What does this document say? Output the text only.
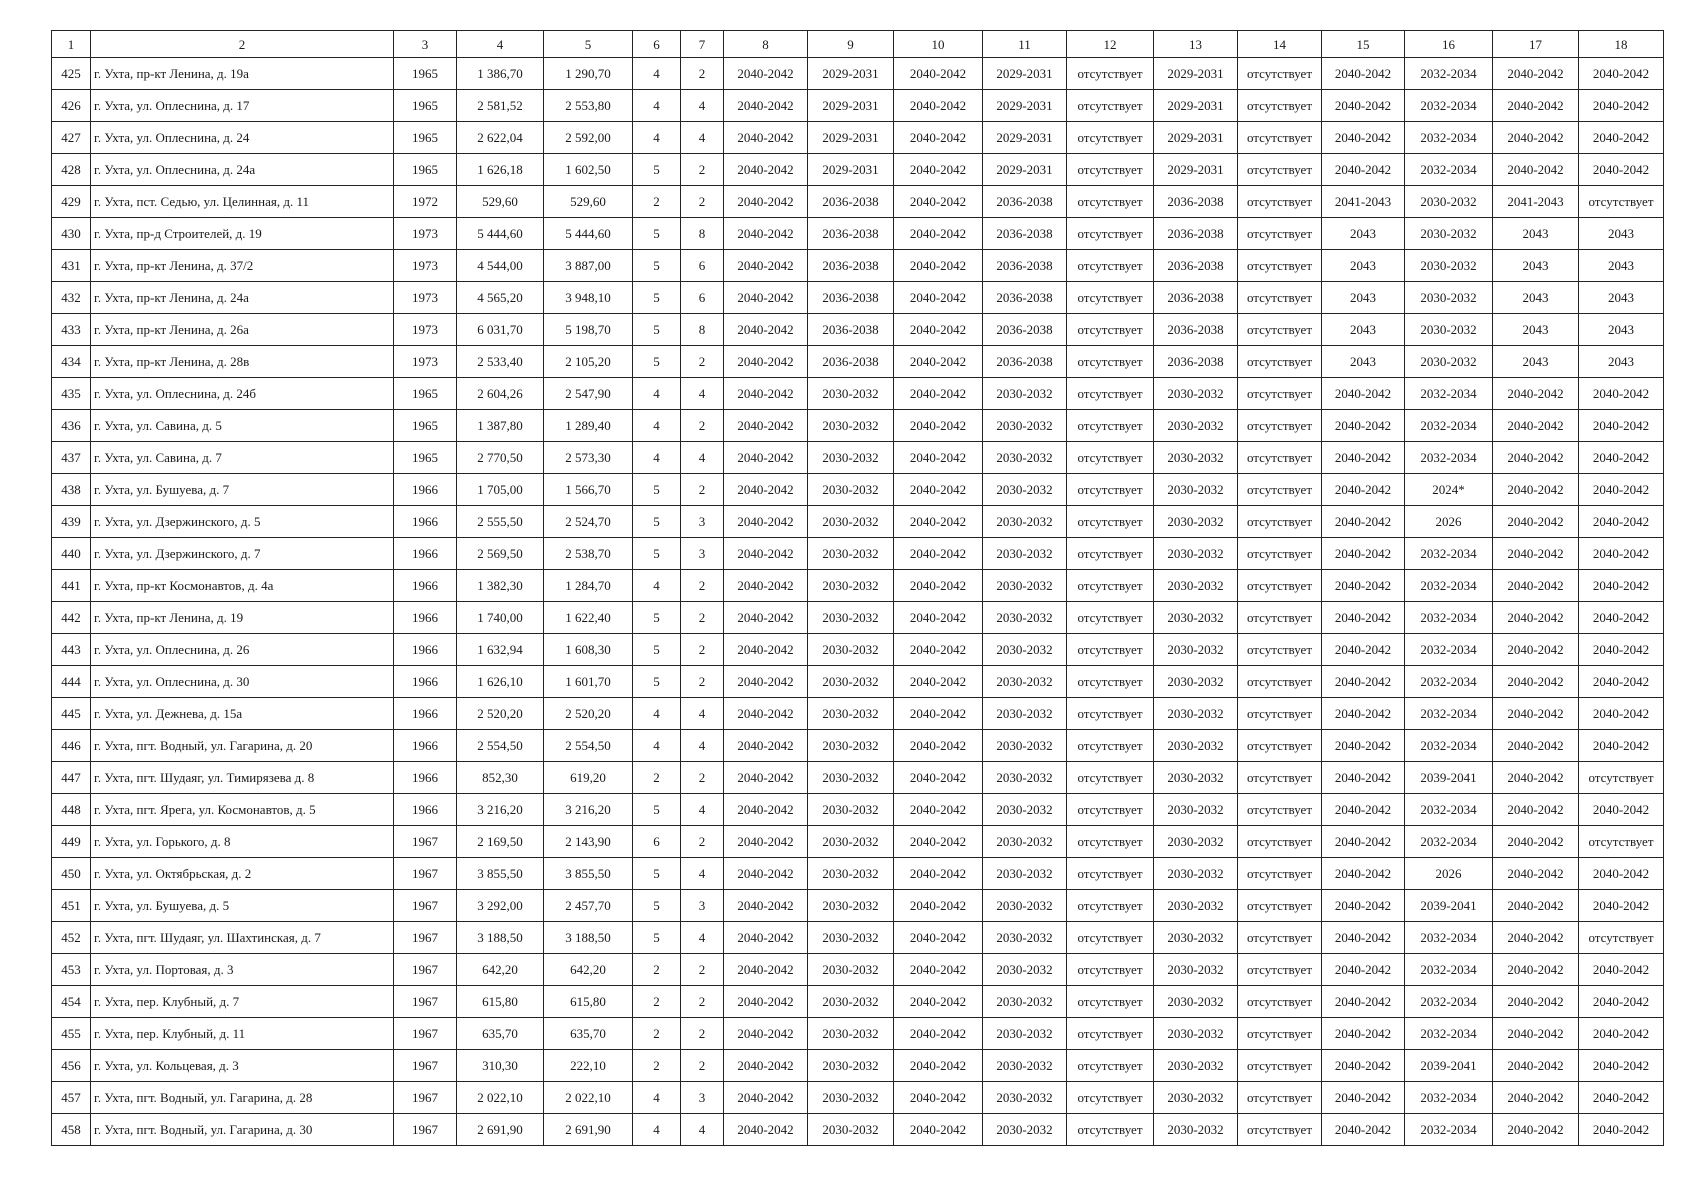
1	2	3	4	5	6	7	8	9	10	11	12	13	14	15	16	17	18
425	г. Ухта, пр-кт Ленина, д. 19а	1965	1 386,70	1 290,70	4	2	2040-2042	2029-2031	2040-2042	2029-2031	отсутствует	2029-2031	отсутствует	2040-2042	2032-2034	2040-2042	2040-2042
426	г. Ухта, ул. Оплеснина, д. 17	1965	2 581,52	2 553,80	4	4	2040-2042	2029-2031	2040-2042	2029-2031	отсутствует	2029-2031	отсутствует	2040-2042	2032-2034	2040-2042	2040-2042
427	г. Ухта, ул. Оплеснина, д. 24	1965	2 622,04	2 592,00	4	4	2040-2042	2029-2031	2040-2042	2029-2031	отсутствует	2029-2031	отсутствует	2040-2042	2032-2034	2040-2042	2040-2042
428	г. Ухта, ул. Оплеснина, д. 24а	1965	1 626,18	1 602,50	5	2	2040-2042	2029-2031	2040-2042	2029-2031	отсутствует	2029-2031	отсутствует	2040-2042	2032-2034	2040-2042	2040-2042
429	г. Ухта, пст. Седью, ул. Целинная, д. 11	1972	529,60	529,60	2	2	2040-2042	2036-2038	2040-2042	2036-2038	отсутствует	2036-2038	отсутствует	2041-2043	2030-2032	2041-2043	отсутствует
430	г. Ухта, пр-д Строителей, д. 19	1973	5 444,60	5 444,60	5	8	2040-2042	2036-2038	2040-2042	2036-2038	отсутствует	2036-2038	отсутствует	2043	2030-2032	2043	2043
431	г. Ухта, пр-кт Ленина, д. 37/2	1973	4 544,00	3 887,00	5	6	2040-2042	2036-2038	2040-2042	2036-2038	отсутствует	2036-2038	отсутствует	2043	2030-2032	2043	2043
432	г. Ухта, пр-кт Ленина, д. 24а	1973	4 565,20	3 948,10	5	6	2040-2042	2036-2038	2040-2042	2036-2038	отсутствует	2036-2038	отсутствует	2043	2030-2032	2043	2043
433	г. Ухта, пр-кт Ленина, д. 26а	1973	6 031,70	5 198,70	5	8	2040-2042	2036-2038	2040-2042	2036-2038	отсутствует	2036-2038	отсутствует	2043	2030-2032	2043	2043
434	г. Ухта, пр-кт Ленина, д. 28в	1973	2 533,40	2 105,20	5	2	2040-2042	2036-2038	2040-2042	2036-2038	отсутствует	2036-2038	отсутствует	2043	2030-2032	2043	2043
435	г. Ухта, ул. Оплеснина, д. 24б	1965	2 604,26	2 547,90	4	4	2040-2042	2030-2032	2040-2042	2030-2032	отсутствует	2030-2032	отсутствует	2040-2042	2032-2034	2040-2042	2040-2042
436	г. Ухта, ул. Савина, д. 5	1965	1 387,80	1 289,40	4	2	2040-2042	2030-2032	2040-2042	2030-2032	отсутствует	2030-2032	отсутствует	2040-2042	2032-2034	2040-2042	2040-2042
437	г. Ухта, ул. Савина, д. 7	1965	2 770,50	2 573,30	4	4	2040-2042	2030-2032	2040-2042	2030-2032	отсутствует	2030-2032	отсутствует	2040-2042	2032-2034	2040-2042	2040-2042
438	г. Ухта, ул. Бушуева, д. 7	1966	1 705,00	1 566,70	5	2	2040-2042	2030-2032	2040-2042	2030-2032	отсутствует	2030-2032	отсутствует	2040-2042	2024*	2040-2042	2040-2042
439	г. Ухта, ул. Дзержинского, д. 5	1966	2 555,50	2 524,70	5	3	2040-2042	2030-2032	2040-2042	2030-2032	отсутствует	2030-2032	отсутствует	2040-2042	2026	2040-2042	2040-2042
440	г. Ухта, ул. Дзержинского, д. 7	1966	2 569,50	2 538,70	5	3	2040-2042	2030-2032	2040-2042	2030-2032	отсутствует	2030-2032	отсутствует	2040-2042	2032-2034	2040-2042	2040-2042
441	г. Ухта, пр-кт Космонавтов, д. 4а	1966	1 382,30	1 284,70	4	2	2040-2042	2030-2032	2040-2042	2030-2032	отсутствует	2030-2032	отсутствует	2040-2042	2032-2034	2040-2042	2040-2042
442	г. Ухта, пр-кт Ленина, д. 19	1966	1 740,00	1 622,40	5	2	2040-2042	2030-2032	2040-2042	2030-2032	отсутствует	2030-2032	отсутствует	2040-2042	2032-2034	2040-2042	2040-2042
443	г. Ухта, ул. Оплеснина, д. 26	1966	1 632,94	1 608,30	5	2	2040-2042	2030-2032	2040-2042	2030-2032	отсутствует	2030-2032	отсутствует	2040-2042	2032-2034	2040-2042	2040-2042
444	г. Ухта, ул. Оплеснина, д. 30	1966	1 626,10	1 601,70	5	2	2040-2042	2030-2032	2040-2042	2030-2032	отсутствует	2030-2032	отсутствует	2040-2042	2032-2034	2040-2042	2040-2042
445	г. Ухта, ул. Дежнева, д. 15а	1966	2 520,20	2 520,20	4	4	2040-2042	2030-2032	2040-2042	2030-2032	отсутствует	2030-2032	отсутствует	2040-2042	2032-2034	2040-2042	2040-2042
446	г. Ухта, пгт. Водный, ул. Гагарина, д. 20	1966	2 554,50	2 554,50	4	4	2040-2042	2030-2032	2040-2042	2030-2032	отсутствует	2030-2032	отсутствует	2040-2042	2032-2034	2040-2042	2040-2042
447	г. Ухта, пгт. Шудаяг, ул. Тимирязева д. 8	1966	852,30	619,20	2	2	2040-2042	2030-2032	2040-2042	2030-2032	отсутствует	2030-2032	отсутствует	2040-2042	2039-2041	2040-2042	отсутствует
448	г. Ухта, пгт. Ярега, ул. Космонавтов, д. 5	1966	3 216,20	3 216,20	5	4	2040-2042	2030-2032	2040-2042	2030-2032	отсутствует	2030-2032	отсутствует	2040-2042	2032-2034	2040-2042	2040-2042
449	г. Ухта, ул. Горького, д. 8	1967	2 169,50	2 143,90	6	2	2040-2042	2030-2032	2040-2042	2030-2032	отсутствует	2030-2032	отсутствует	2040-2042	2032-2034	2040-2042	отсутствует
450	г. Ухта, ул. Октябрьская, д. 2	1967	3 855,50	3 855,50	5	4	2040-2042	2030-2032	2040-2042	2030-2032	отсутствует	2030-2032	отсутствует	2040-2042	2026	2040-2042	2040-2042
451	г. Ухта, ул. Бушуева, д. 5	1967	3 292,00	2 457,70	5	3	2040-2042	2030-2032	2040-2042	2030-2032	отсутствует	2030-2032	отсутствует	2040-2042	2039-2041	2040-2042	2040-2042
452	г. Ухта, пгт. Шудаяг, ул. Шахтинская, д. 7	1967	3 188,50	3 188,50	5	4	2040-2042	2030-2032	2040-2042	2030-2032	отсутствует	2030-2032	отсутствует	2040-2042	2032-2034	2040-2042	отсутствует
453	г. Ухта, ул. Портовая, д. 3	1967	642,20	642,20	2	2	2040-2042	2030-2032	2040-2042	2030-2032	отсутствует	2030-2032	отсутствует	2040-2042	2032-2034	2040-2042	2040-2042
454	г. Ухта, пер. Клубный, д. 7	1967	615,80	615,80	2	2	2040-2042	2030-2032	2040-2042	2030-2032	отсутствует	2030-2032	отсутствует	2040-2042	2032-2034	2040-2042	2040-2042
455	г. Ухта, пер. Клубный, д. 11	1967	635,70	635,70	2	2	2040-2042	2030-2032	2040-2042	2030-2032	отсутствует	2030-2032	отсутствует	2040-2042	2032-2034	2040-2042	2040-2042
456	г. Ухта, ул. Кольцевая, д. 3	1967	310,30	222,10	2	2	2040-2042	2030-2032	2040-2042	2030-2032	отсутствует	2030-2032	отсутствует	2040-2042	2039-2041	2040-2042	2040-2042
457	г. Ухта, пгт. Водный, ул. Гагарина, д. 28	1967	2 022,10	2 022,10	4	3	2040-2042	2030-2032	2040-2042	2030-2032	отсутствует	2030-2032	отсутствует	2040-2042	2032-2034	2040-2042	2040-2042
458	г. Ухта, пгт. Водный, ул. Гагарина, д. 30	1967	2 691,90	2 691,90	4	4	2040-2042	2030-2032	2040-2042	2030-2032	отсутствует	2030-2032	отсутствует	2040-2042	2032-2034	2040-2042	2040-2042
